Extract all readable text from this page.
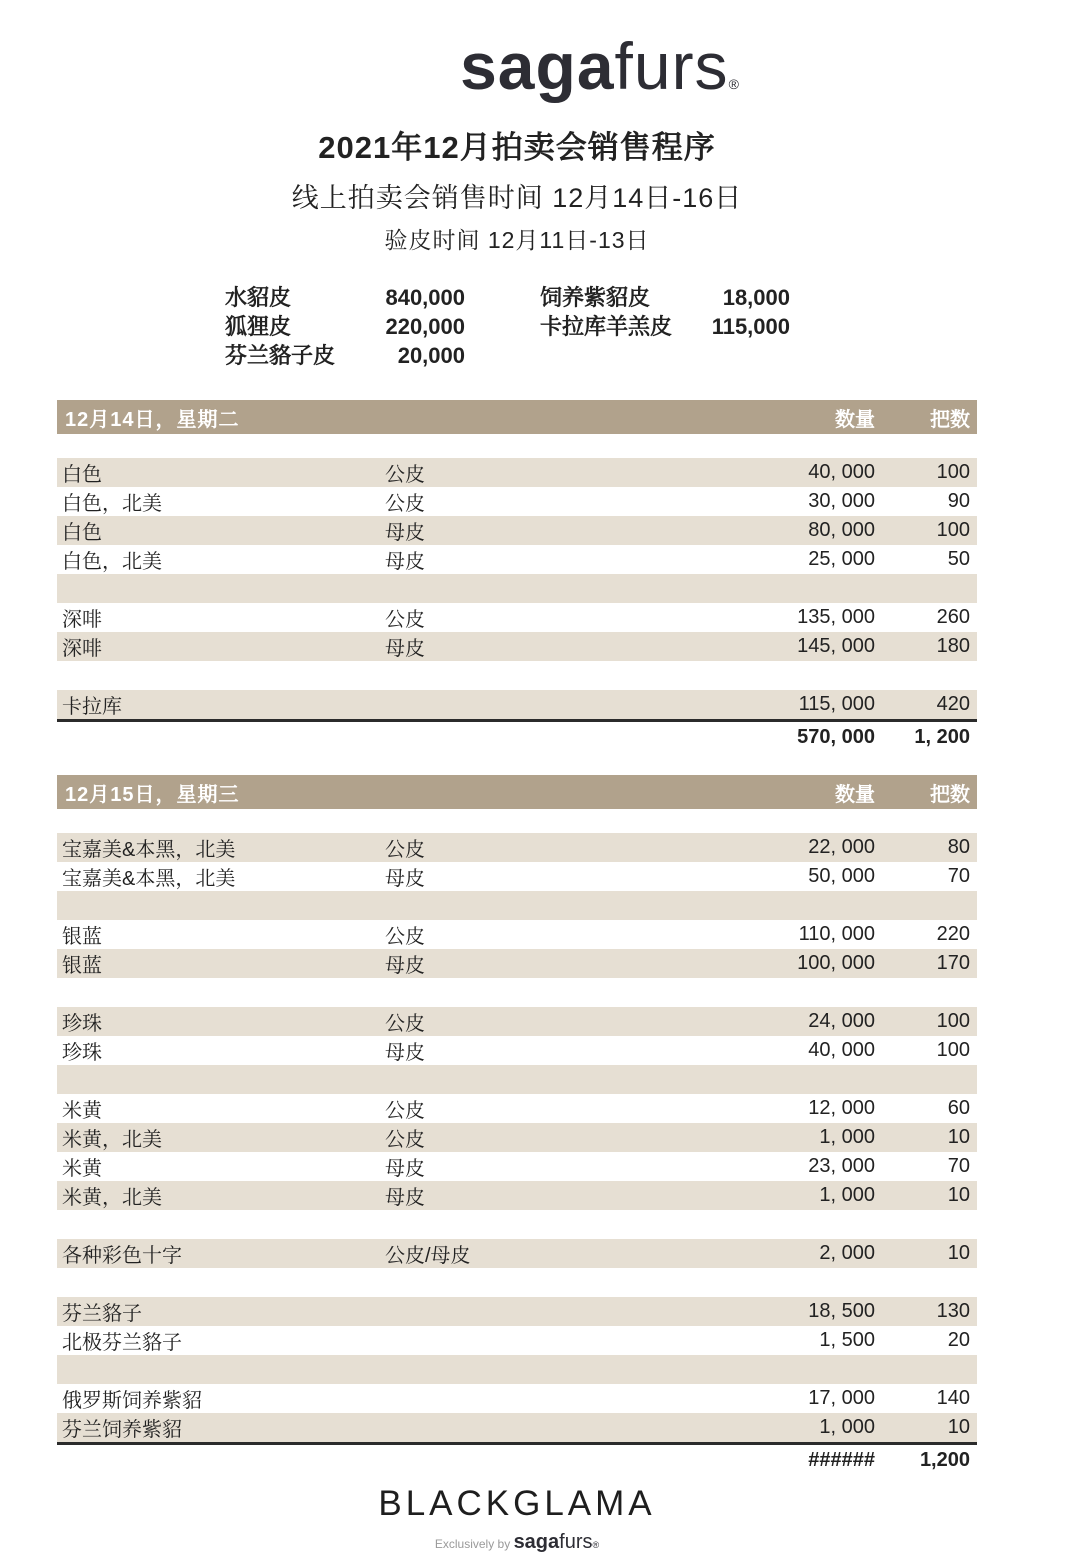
sagafurs®
2021年12月拍卖会销售程序
线上拍卖会销售时间 12月14日-16日
验皮时间 12月11日-13日
水貂皮	840,000	饲养紫貂皮	18,000
狐狸皮	220,000	卡拉库羊羔皮	115,000
芬兰貉子皮	20,000
12月14日，星期二	数量	把数
白色	公皮	40, 000	100
白色，北美	公皮	30, 000	90
白色	母皮	80, 000	100
白色，北美	母皮	25, 000	50
深啡	公皮	135, 000	260
深啡	母皮	145, 000	180
卡拉库	115, 000	420
570, 000	1, 200
12月15日，星期三	数量	把数
宝嘉美&本黑，北美	公皮	22, 000	80
宝嘉美&本黑，北美	母皮	50, 000	70
银蓝	公皮	110, 000	220
银蓝	母皮	100, 000	170
珍珠	公皮	24, 000	100
珍珠	母皮	40, 000	100
米黄	公皮	12, 000	60
米黄，北美	公皮	1, 000	10
米黄	母皮	23, 000	70
米黄，北美	母皮	1, 000	10
各种彩色十字	公皮/母皮	2, 000	10
芬兰貉子	18, 500	130
北极芬兰貉子	1, 500	20
俄罗斯饲养紫貂	17, 000	140
芬兰饲养紫貂	1, 000	10
######	1,200
BLACKGLAMA
Exclusively by sagafurs®
